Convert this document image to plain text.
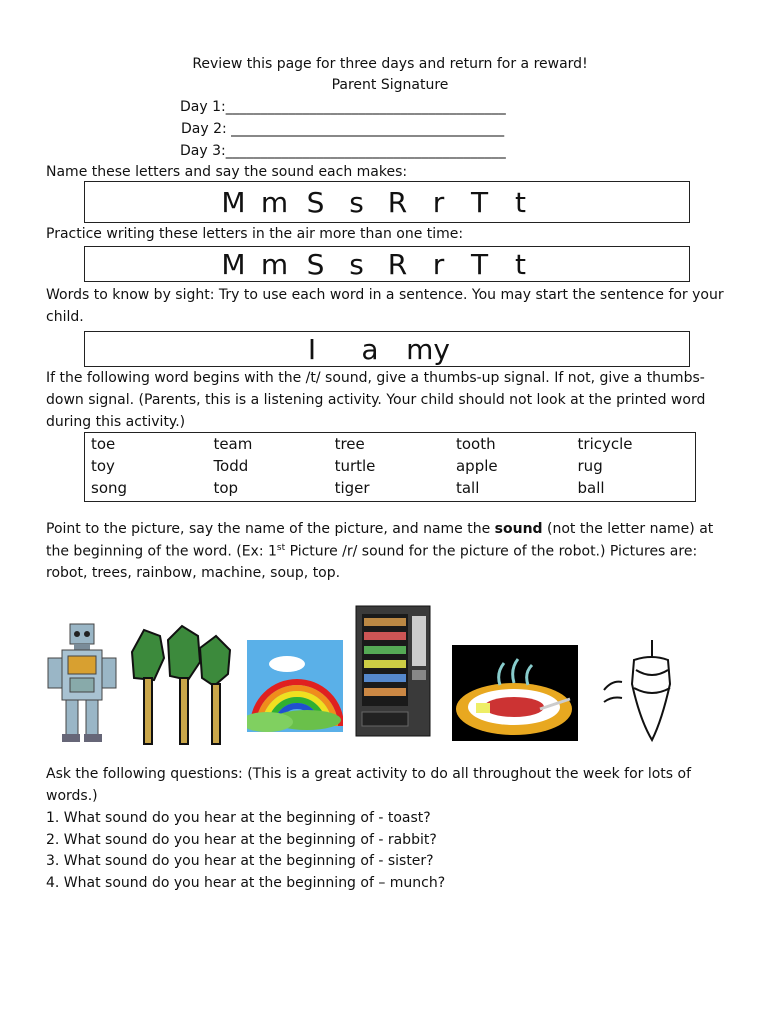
Review this page for three days and return for a reward!
Parent Signature
Day 1:________________________________________
Day 2: _______________________________________
Day 3:________________________________________
Name these letters and say the sound each makes:
M m S s R r T t
Practice writing these letters in the air more than one time:
M m S s R r T t
Words to know by sight: Try to use each word in a sentence. You may start the sentence for your
child.
I	a my
If the following word begins with the /t/ sound, give a thumbs-up signal. If not, give a thumbs-
down signal. (Parents, this is a listening activity. Your child should not look at the printed word
during this activity.)
toe	team	tree	tooth	tricycle
toy	Todd	turtle	apple	rug
song	top	tiger	tall	ball
Point to the picture, say the name of the picture, and name the sound (not the letter name) at
the beginning of the word. (Ex: 1st Picture /r/ sound for the picture of the robot.) Pictures are:
robot, trees, rainbow, machine, soup, top.
Ask the following questions: (This is a great activity to do all throughout the week for lots of
words.)
1. What sound do you hear at the beginning of - toast?
2. What sound do you hear at the beginning of - rabbit?
3. What sound do you hear at the beginning of - sister?
4. What sound do you hear at the beginning of – munch?
